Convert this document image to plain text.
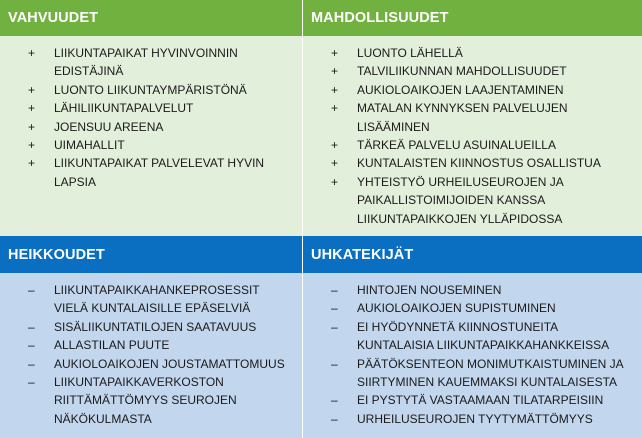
VAHVUUDET	MAHDOLLISUUDET
+	LIIKUNTAPAIKAT HYVINVOINNIN EDISTÄJINÄ
+	LUONTO LIIKUNTAYMPÄRISTÖNÄ
+	LÄHILIIKUNTAPALVELUT
+	JOENSUU AREENA
+	UIMAHALLIT
+	LIIKUNTAPAIKAT PALVELEVAT HYVIN LAPSIA
+	LUONTO LÄHELLÄ
+	TALVILIIKUNNAN MAHDOLLISUUDET
+	AUKIOLOAIKOJEN LAAJENTAMINEN
+	MATALAN KYNNYKSEN PALVELUJEN LISÄÄMINEN
+	TÄRKEÄ PALVELU ASUINALUEILLA
+	KUNTALAISTEN KIINNOSTUS OSALLISTUA
+	YHTEISTYÖ URHEILUSEUROJEN JA PAIKALLISTOIMIJOIDEN KANSSA LIIKUNTAPAIKKOJEN YLLÄPIDOSSA
HEIKKOUDET	UHKATEKIJÄT
–	LIIKUNTAPAIKKAHANKEPROSESSIT VIELÄ KUNTALAISILLE EPÄSELVIÄ
–	SISÄLIIKUNTATILOJEN SAATAVUUS
–	ALLASTILAN PUUTE
–	AUKIOLOAIKOJEN JOUSTAMATTOMUUS
–	LIIKUNTAPAIKKAVERKOSTON RIITTÄMÄTTÖMYYS SEUROJEN NÄKÖKULMASTA
–	HINTOJEN NOUSEMINEN
–	AUKIOLOAIKOJEN SUPISTUMINEN
–	EI HYÖDYNNETÄ KIINNOSTUNEITA KUNTALAISIA LIIKUNTAPAIKKAHANKKEISSA
–	PÄÄTÖKSENTEON MONIMUTKAISTUMINEN JA SIIRTYMINEN KAUEMMAKSI KUNTALAISESTA
–	EI PYSTYTÄ VASTAAMAAN TILATARPEISIIN
–	URHEILUSEUROJEN TYYTYMÄTTÖMYYS
